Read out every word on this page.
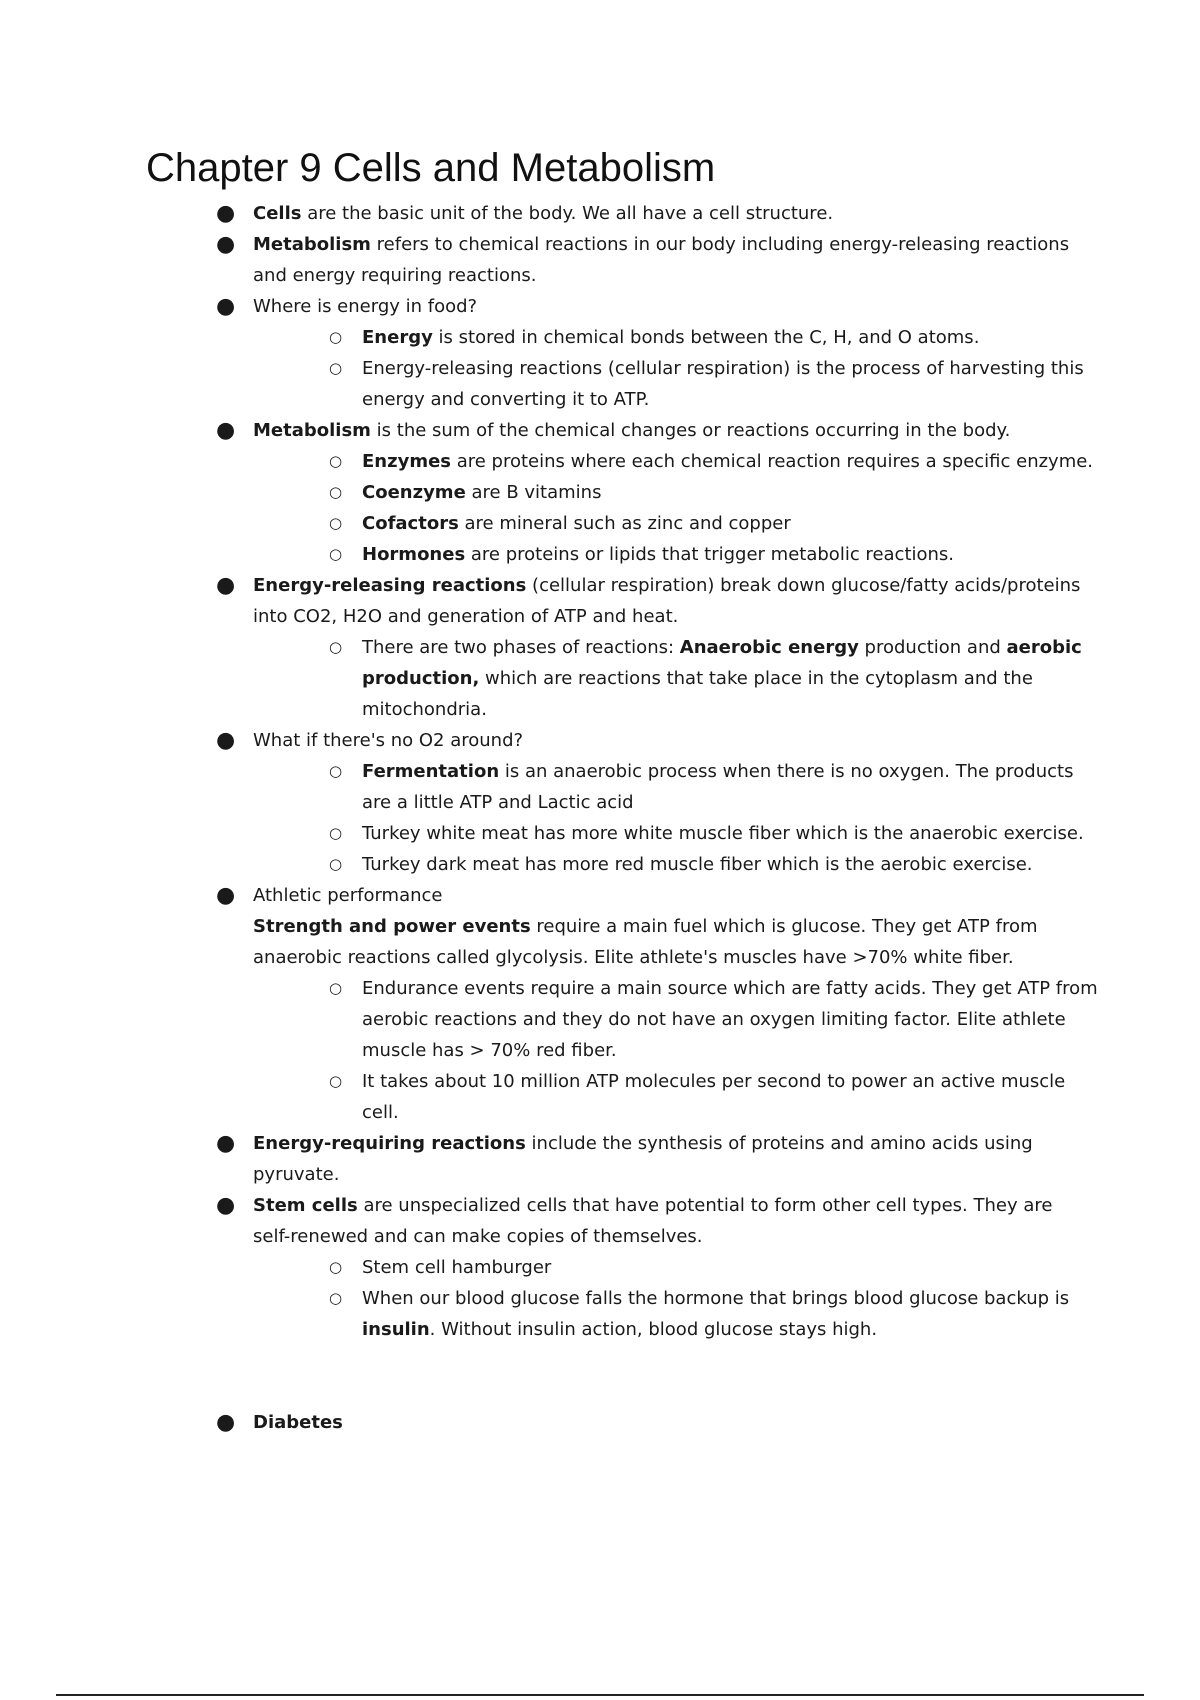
Chapter 9 Cells and Metabolism
● Cells are the basic unit of the body. We all have a cell structure.
● Metabolism refers to chemical reactions in our body including energy-releasing reactions and energy requiring reactions.
● Where is energy in food?
○ Energy is stored in chemical bonds between the C, H, and O atoms.
○ Energy-releasing reactions (cellular respiration) is the process of harvesting this energy and converting it to ATP.
● Metabolism is the sum of the chemical changes or reactions occurring in the body.
○ Enzymes are proteins where each chemical reaction requires a specific enzyme.
○ Coenzyme are B vitamins
○ Cofactors are mineral such as zinc and copper
○ Hormones are proteins or lipids that trigger metabolic reactions.
● Energy-releasing reactions (cellular respiration) break down glucose/fatty acids/proteins into CO2, H2O and generation of ATP and heat.
○ There are two phases of reactions: Anaerobic energy production and aerobic production, which are reactions that take place in the cytoplasm and the mitochondria.
● What if there's no O2 around?
○ Fermentation is an anaerobic process when there is no oxygen. The products are a little ATP and Lactic acid
○ Turkey white meat has more white muscle fiber which is the anaerobic exercise.
○ Turkey dark meat has more red muscle fiber which is the aerobic exercise.
● Athletic performance
Strength and power events require a main fuel which is glucose. They get ATP from anaerobic reactions called glycolysis. Elite athlete's muscles have >70% white fiber.
○ Endurance events require a main source which are fatty acids. They get ATP from aerobic reactions and they do not have an oxygen limiting factor. Elite athlete muscle has > 70% red fiber.
○ It takes about 10 million ATP molecules per second to power an active muscle cell.
● Energy-requiring reactions include the synthesis of proteins and amino acids using pyruvate.
● Stem cells are unspecialized cells that have potential to form other cell types. They are self-renewed and can make copies of themselves.
○ Stem cell hamburger
○ When our blood glucose falls the hormone that brings blood glucose backup is insulin. Without insulin action, blood glucose stays high.
● Diabetes
